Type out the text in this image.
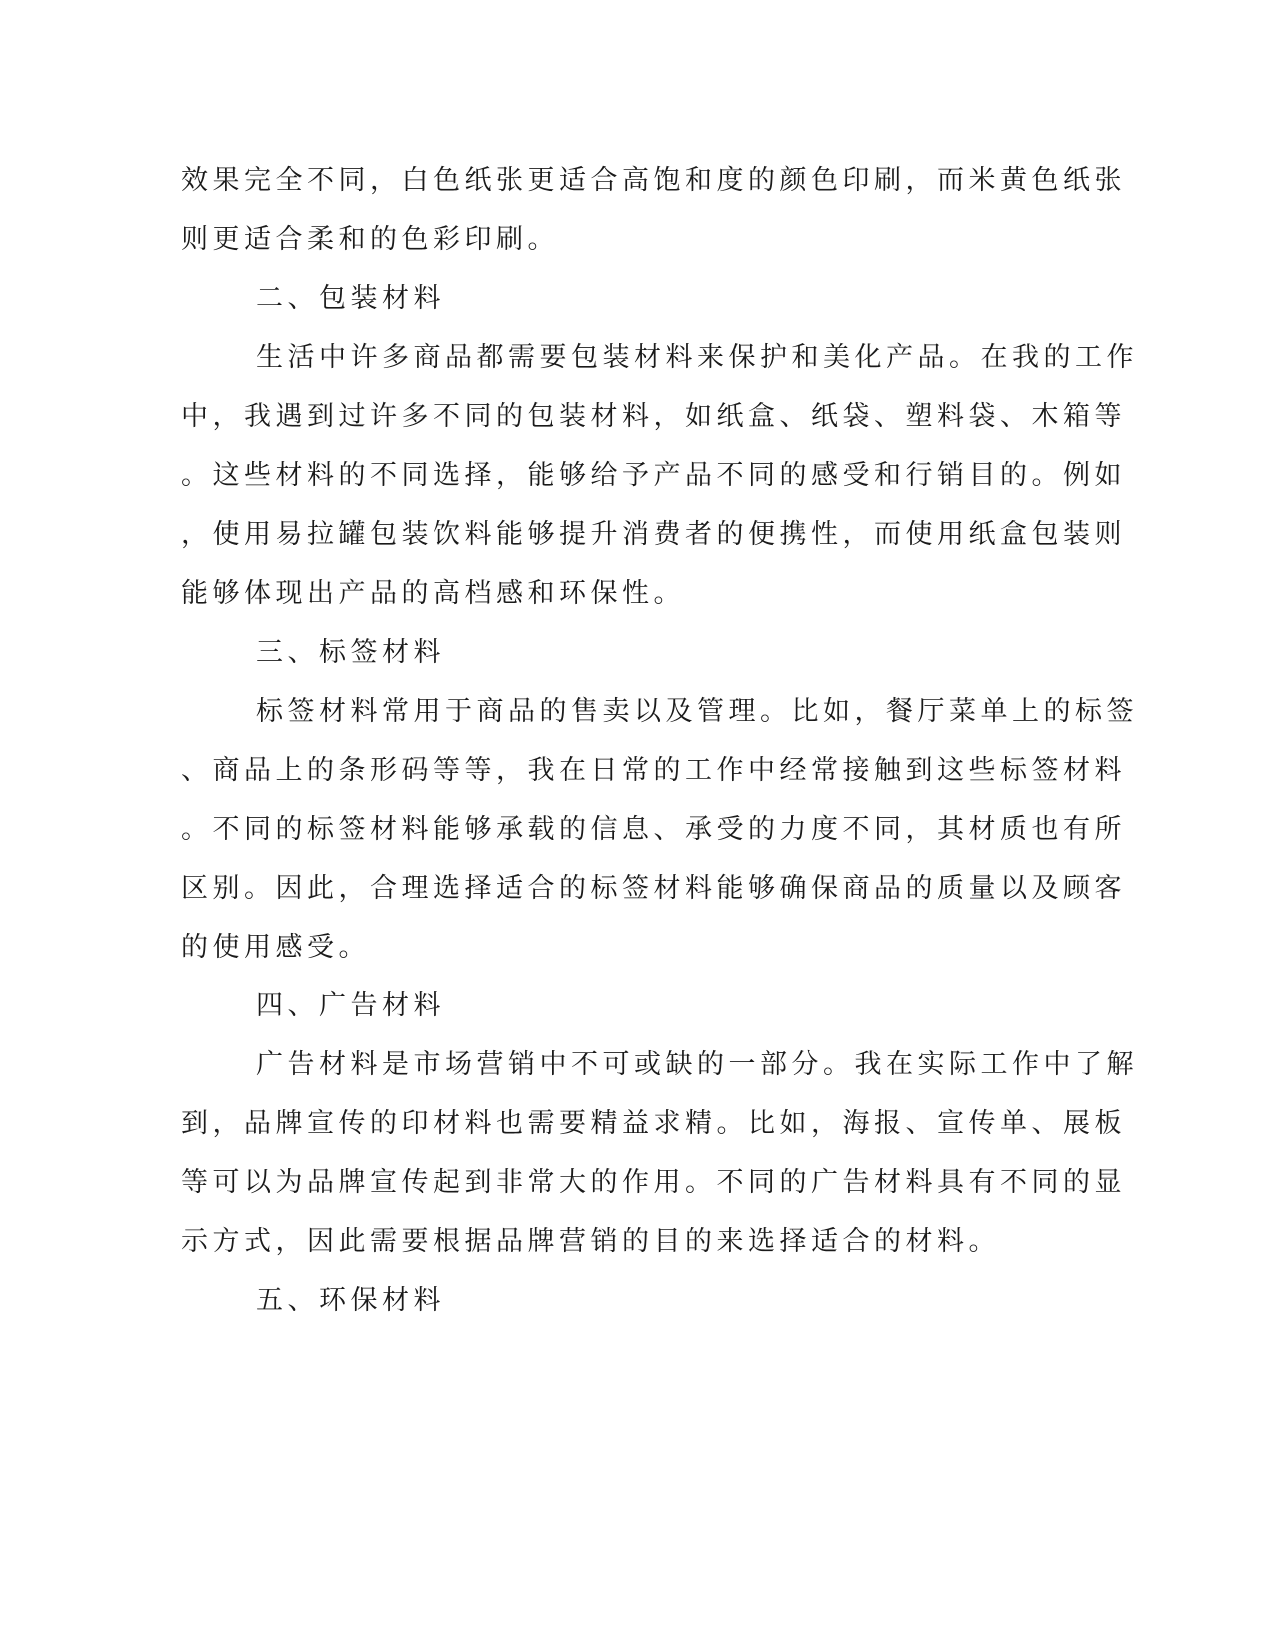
效果完全不同，白色纸张更适合高饱和度的颜色印刷，而米黄色纸张

则更适合柔和的色彩印刷。

二、包装材料

生活中许多商品都需要包装材料来保护和美化产品。在我的工作

中，我遇到过许多不同的包装材料，如纸盒、纸袋、塑料袋、木箱等

。这些材料的不同选择，能够给予产品不同的感受和行销目的。例如

，使用易拉罐包装饮料能够提升消费者的便携性，而使用纸盒包装则

能够体现出产品的高档感和环保性。

三、标签材料

标签材料常用于商品的售卖以及管理。比如，餐厅菜单上的标签

、商品上的条形码等等，我在日常的工作中经常接触到这些标签材料

。不同的标签材料能够承载的信息、承受的力度不同，其材质也有所

区别。因此，合理选择适合的标签材料能够确保商品的质量以及顾客

的使用感受。

四、广告材料

广告材料是市场营销中不可或缺的一部分。我在实际工作中了解

到，品牌宣传的印材料也需要精益求精。比如，海报、宣传单、展板

等可以为品牌宣传起到非常大的作用。不同的广告材料具有不同的显

示方式，因此需要根据品牌营销的目的来选择适合的材料。

五、环保材料
